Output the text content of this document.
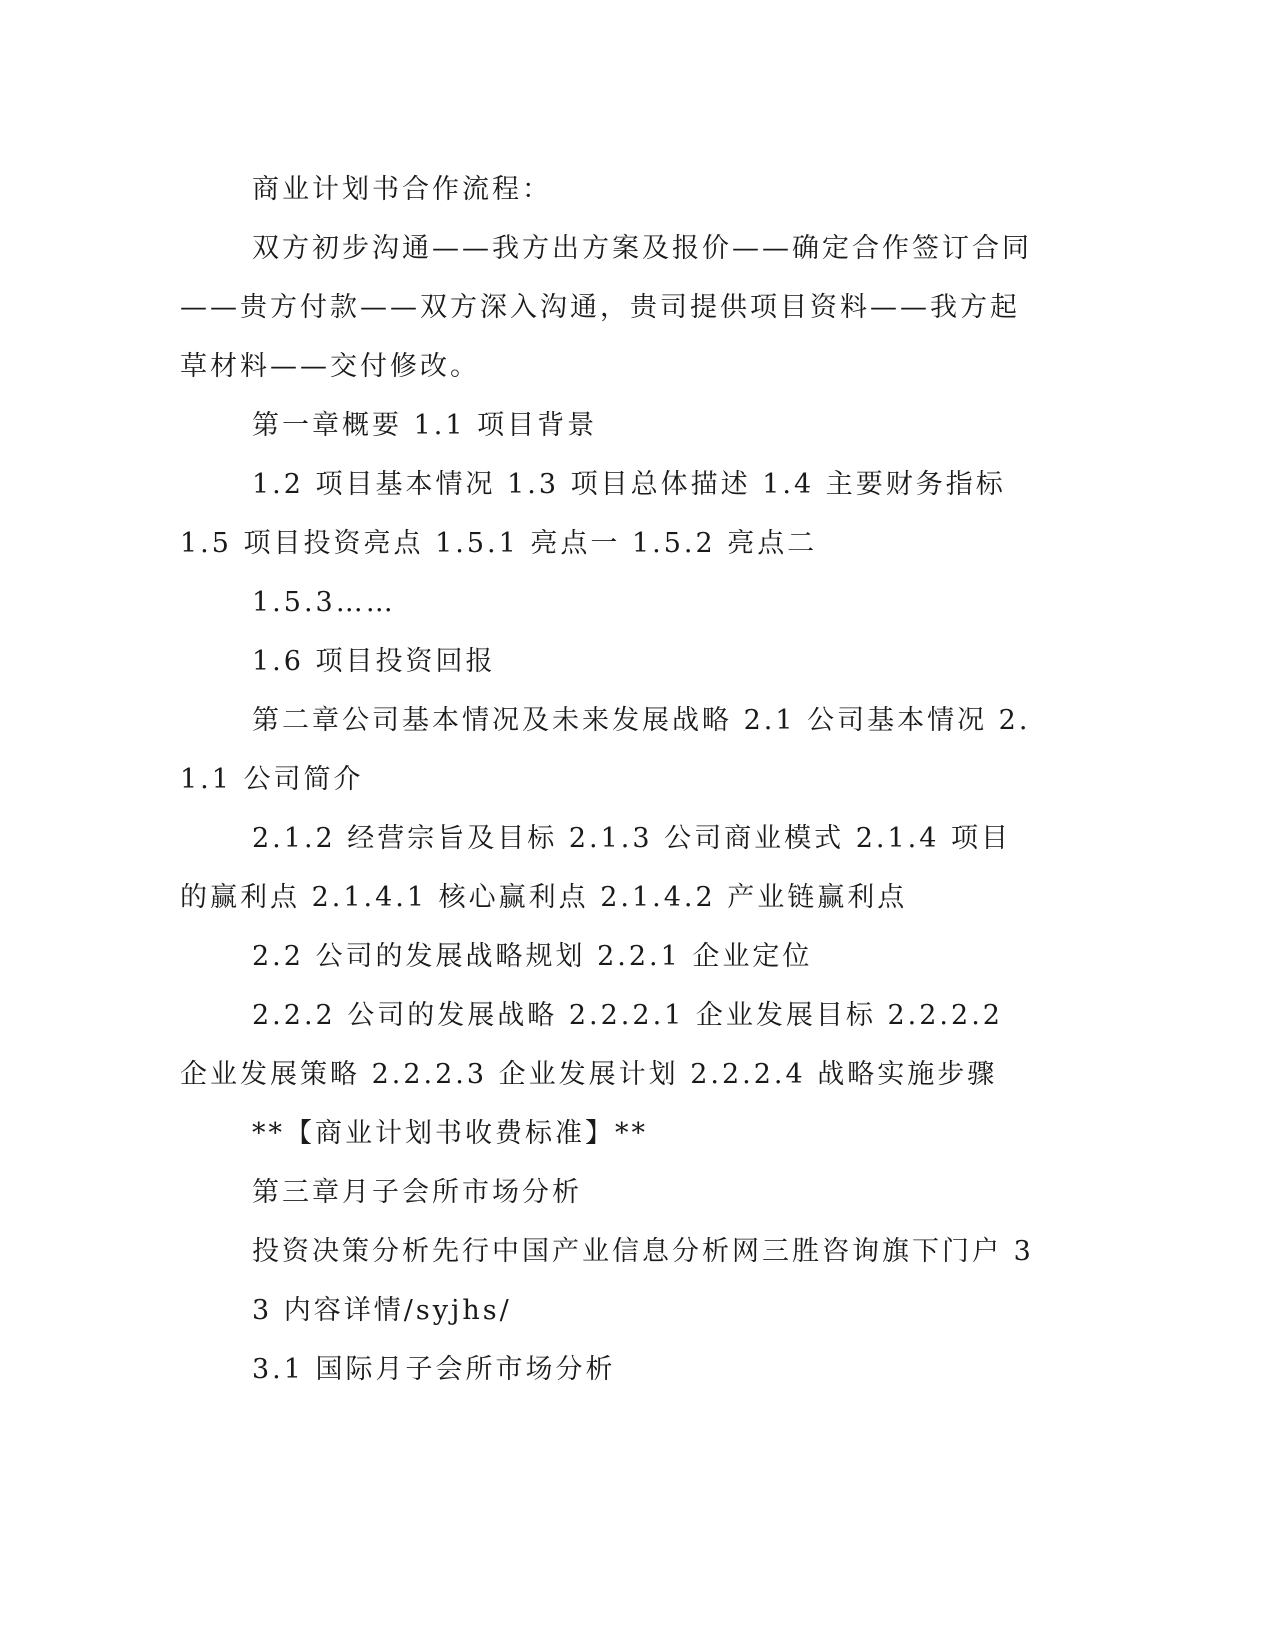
商业计划书合作流程：

双方初步沟通——我方出方案及报价——确定合作签订合同——贵方付款——双方深入沟通，贵司提供项目资料——我方起草材料——交付修改。

第一章概要 1.1 项目背景

1.2 项目基本情况 1.3 项目总体描述 1.4 主要财务指标 1.5 项目投资亮点 1.5.1 亮点一 1.5.2 亮点二

1.5.3……

1.6 项目投资回报

第二章公司基本情况及未来发展战略 2.1 公司基本情况 2.1.1 公司简介

2.1.2 经营宗旨及目标 2.1.3 公司商业模式 2.1.4 项目的赢利点 2.1.4.1 核心赢利点 2.1.4.2 产业链赢利点

2.2 公司的发展战略规划 2.2.1 企业定位

2.2.2 公司的发展战略 2.2.2.1 企业发展目标 2.2.2.2 企业发展策略 2.2.2.3 企业发展计划 2.2.2.4 战略实施步骤

**【商业计划书收费标准】**

第三章月子会所市场分析

投资决策分析先行中国产业信息分析网三胜咨询旗下门户 3

3 内容详情/syjhs/

3.1 国际月子会所市场分析
